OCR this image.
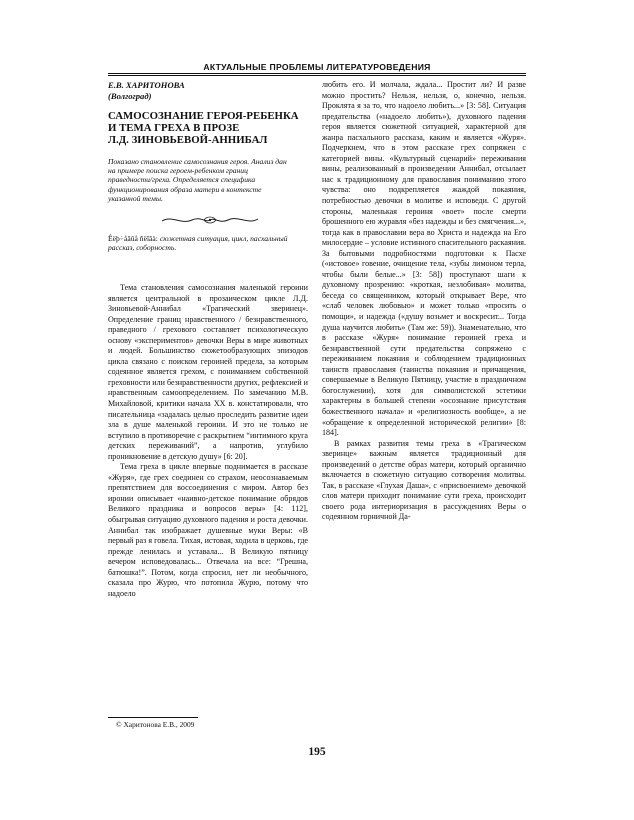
АКТУАЛЬНЫЕ ПРОБЛЕМЫ ЛИТЕРАТУРОВЕДЕНИЯ
Е.В. ХАРИТОНОВА
(Волгоград)
САМОСОЗНАНИЕ ГЕРОЯ-РЕБЕНКА
И ТЕМА ГРЕХА В ПРОЗЕ
Л.Д. ЗИНОВЬЕВОЙ-АННИБАЛ
Показано становление самосознания героя. Анализ дан на примере поиска героем-ребенком границ праведности/греха. Определяется специфика функционирования образа матери в контексте указанной темы.
Êëþ÷åâûå ñëîâà: сюжетная ситуация, цикл, пасхальный рассказ, соборность.

Тема становления самосознания маленькой героини является центральной в прозаическом цикле Л.Д. Зиновьевой-Аннибал «Трагический зверинец». Определение границ нравственного / безнравственного, праведного / грехового составляет психологическую основу «экспериментов» девочки Веры в мире животных и людей. Большинство сюжетообразующих эпизодов цикла связано с поиском героиней предела, за которым содеянное является грехом, с пониманием собственной греховности или безнравственности других, рефлексией и нравственным самоопределением. По замечанию М.В. Михайловой, критики начала XX в. констатировали, что писательница «задалась целью проследить развитие идеи зла в душе маленькой героини. И это не только не вступило в противоречие с раскрытием “интимного круга детских переживаний”, а напротив, углубило проникновение в детскую душу» [6: 20].

Тема греха в цикле впервые поднимается в рассказе «Журя», где грех соединен со страхом, неосознаваемым препятствием для воссоединения с миром. Автор без иронии описывает «наивно-детское понимание обрядов Великого праздника и вопросов веры» [4: 112], обыгрывая ситуацию духовного падения и роста девочки. Аннибал так изображает душевные муки Веры: «В первый раз я говела. Тихая, истовая, ходила в церковь, где прежде ленилась и уставала... В Великую пятницу вечером исповедовалась... Отвечала на все: “Грешна, батюшка!”. Потом, когда спросил, нет ли необычного, сказала про Журю, что потопила Журю, потому что надоело

любить его. И молчала, ждала... Простит ли? И разве можно простить? Нельзя, нельзя, о, конечно, нельзя. Проклята я за то, что надоело любить...» [3: 58]. Ситуация предательства («надоело любить»), духовного падения героя является сюжетной ситуацией, характерной для жанра пасхального рассказа, каким и является «Журя». Подчеркнем, что в этом рассказе грех сопряжен с категорией вины. «Культурный сценарий» переживания вины, реализованный в произведении Аннибал, отсылает нас к традиционному для православия пониманию этого чувства: оно подкрепляется жаждой покаяния, потребностью девочки в молитве и исповеди. С другой стороны, маленькая героиня «воет» после смерти брошенного ею журавля «без надежды и без смягчения...», тогда как в православии вера во Христа и надежда на Его милосердие – условие истинного спасительного раскаяния. За бытовыми подробностями подготовки к Пасхе («истовое» говение, очищение тела, «зубы лимоном терла, чтобы были белые...» [3: 58]) проступают шаги к духовному прозрению: «кроткая, незлобивая» молитва, беседа со священником, который открывает Вере, что «слаб человек любовью» и может только «просить о помощи», и надежда («душу возьмет и воскресит... Тогда душа научится любить» (Там же: 59)). Знаменательно, что в рассказе «Журя» понимание героиней греха и безнравственной сути предательства сопряжено с переживанием покаяния и соблюдением традиционных таинств православия (таинства покаяния и причащения, совершаемые в Великую Пятницу, участие в праздничном богослужении), хотя для символистской эстетики характерны в большей степени «осознание присутствия божественного начала» и «религиозность вообще», а не «обращение к определенной исторической религии» [8: 184].

В рамках развития темы греха в «Трагическом зверинце» важным является традиционный для произведений о детстве образ матери, который органично включается в сюжетную ситуацию сотворения молитвы. Так, в рассказе «Глухая Даша», с «присвоением» девочкой слов матери приходит понимание сути греха, происходит своего рода интериоризация в рассуждениях Веры о содеянном горничной Да-

© Харитонова Е.В., 2009
195
